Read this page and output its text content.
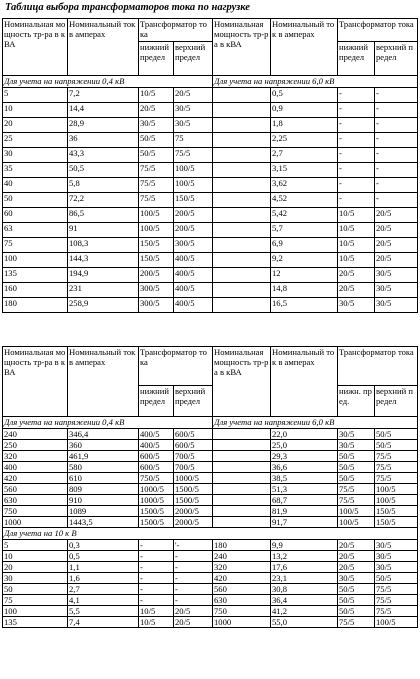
Таблица выбора трансформаторов тока по нагрузке
Номинальная мощность тр-ра в кВА	Номинальный ток в амперах	Трансформатор тока		Номинальная мощность тр-ра в кВА	Номинальный ток в амперах	Трансформатор тока	
		нижний предел	верхний предел			нижний предел	верхний предел
Для учета на напряжении 0,4 кВ				Для учета на напряжении 6,0 кВ			
5	7,2	10/5	20/5		0,5	-	-
10	14,4	20/5	30/5		0,9	-	-
20	28,9	30/5	30/5		1,8	-	-
25	36	50/5	75		2,25	-	-
30	43,3	50/5	75/5		2,7	-	-
35	50,5	75/5	100/5		3,15	-	-
40	5,8	75/5	100/5		3,62	-	-
50	72,2	75/5	150/5		4,52	-	-
60	86,5	100/5	200/5		5,42	10/5	20/5
63	91	100/5	200/5		5,7	10/5	20/5
75	108,3	150/5	300/5		6,9	10/5	20/5
100	144,3	150/5	400/5		9,2	10/5	20/5
135	194,9	200/5	400/5		12	20/5	30/5
160	231	300/5	400/5		14,8	20/5	30/5
180	258,9	300/5	400/5		16,5	30/5	30/5
Номинальная мощность тр-ра в кВА	Номинальный ток в амперах	Трансформатор тока		Номинальная мощность тр-ра в кВА	Номинальный ток в амперах	Трансформатор тока	
		нижний предел	верхний предел			нижн. пред.	верхний предел
Для учета на напряжении 0,4 кВ				Для учета на напряжении 6,0 кВ			
240	346,4	400/5	600/5		22,0	30/5	50/5
250	360	400/5	600/5		25,0	30/5	50/5
320	461,9	600/5	700/5		29,3	50/5	75/5
400	580	600/5	700/5		36,6	50/5	75/5
420	610	750/5	1000/5		38,5	50/5	75/5
560	809	1000/5	1500/5		51,3	75/5	100/5
630	910	1000/5	1500/5		68,7	75/5	100/5
750	1089	1500/5	2000/5		81,9	100/5	150/5
1000	1443,5	1500/5	2000/5		91,7	100/5	150/5
Для учета на 10 к В							
5	0,3	-	'-	180	9,9	20/5	30/5
10	0,5	-	-	240	13,2	20/5	30/5
20	1,1	-	-	320	17,6	20/5	30/5
30	1,6	-	-	420	23,1	30/5	50/5
50	2,7	-	-	560	30,8	50/5	75/5
75	4,1	-	-	630	36,4	50/5	75/5
100	5,5	10/5	20/5	750	41,2	50/5	75/5
135	7,4	10/5	20/5	1000	55,0	75/5	100/5
